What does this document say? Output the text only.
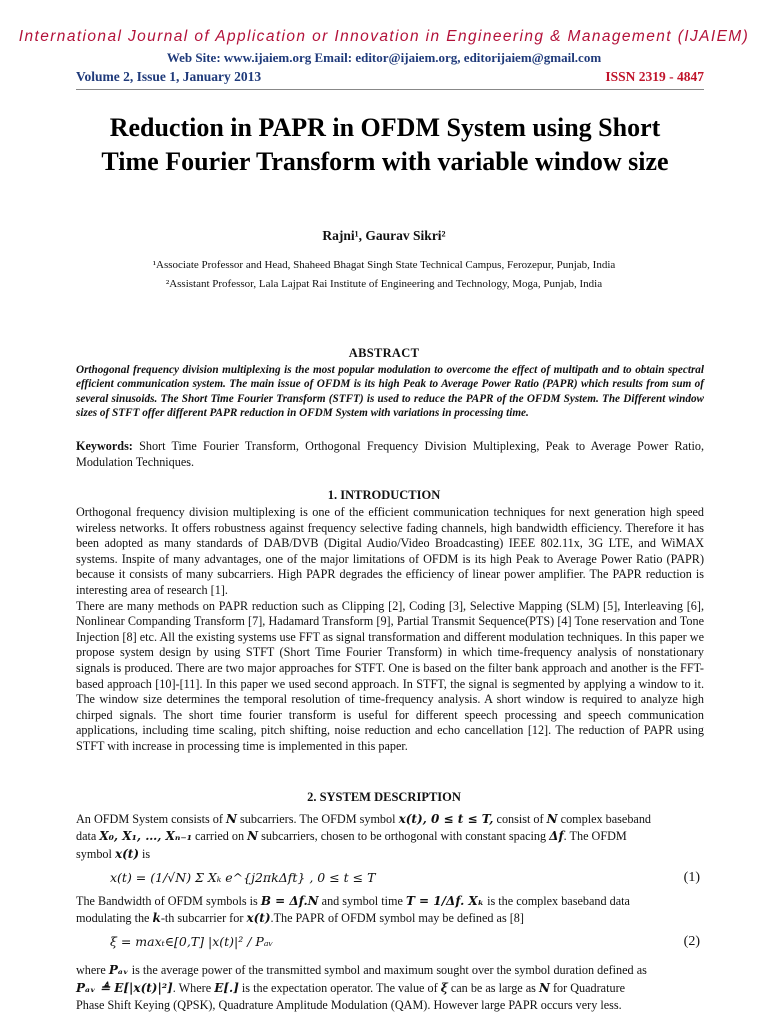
International Journal of Application or Innovation in Engineering & Management (IJAIEM)
Web Site: www.ijaiem.org Email: editor@ijaiem.org, editorijaiem@gmail.com
Volume 2, Issue 1, January 2013	ISSN 2319 - 4847
Reduction in PAPR in OFDM System using Short Time Fourier Transform with variable window size
Rajni¹, Gaurav Sikri²
¹Associate Professor and Head, Shaheed Bhagat Singh State Technical Campus, Ferozepur, Punjab, India
²Assistant Professor, Lala Lajpat Rai Institute of Engineering and Technology, Moga, Punjab, India
ABSTRACT
Orthogonal frequency division multiplexing is the most popular modulation to overcome the effect of multipath and to obtain spectral efficient communication system. The main issue of OFDM is its high Peak to Average Power Ratio (PAPR) which results from sum of several sinusoids. The Short Time Fourier Transform (STFT) is used to reduce the PAPR of the OFDM System. The Different window sizes of STFT offer different PAPR reduction in OFDM System with variations in processing time.
Keywords: Short Time Fourier Transform, Orthogonal Frequency Division Multiplexing, Peak to Average Power Ratio, Modulation Techniques.
1. INTRODUCTION

Orthogonal frequency division multiplexing is one of the efficient communication techniques for next generation high speed wireless networks. It offers robustness against frequency selective fading channels, high bandwidth efficiency. Therefore it has been adopted as many standards of DAB/DVB (Digital Audio/Video Broadcasting) IEEE 802.11x, 3G LTE, and WiMAX systems. Inspite of many advantages, one of the major limitations of OFDM is its high Peak to Average Power Ratio (PAPR) because it consists of many subcarriers. High PAPR degrades the efficiency of linear power amplifier. The PAPR reduction is interesting area of research [1].

There are many methods on PAPR reduction such as Clipping [2], Coding [3], Selective Mapping (SLM) [5], Interleaving [6], Nonlinear Companding Transform [7], Hadamard Transform [9], Partial Transmit Sequence(PTS) [4] Tone reservation and Tone Injection [8] etc. All the existing systems use FFT as signal transformation and different modulation techniques. In this paper we propose system design by using STFT (Short Time Fourier Transform) in which time-frequency analysis of nonstationary signals is produced. There are two major approaches for STFT. One is based on the filter bank approach and another is the FFT-based approach [10]-[11]. In this paper we used second approach. In STFT, the signal is segmented by applying a window to it. The window size determines the temporal resolution of time-frequency analysis. A short window is required to analyze high chirped signals. The short time fourier transform is useful for different speech processing and speech communication applications, including time scaling, pitch shifting, noise reduction and echo cancellation [12]. The reduction of PAPR using STFT with increase in processing time is implemented in this paper.

2. SYSTEM DESCRIPTION
An OFDM System consists of N subcarriers. The OFDM symbol x(t), 0 ≤ t ≤ T, consist of N complex baseband
data X₀, X₁, …, Xₙ₋₁ carried on N subcarriers, chosen to be orthogonal with constant spacing Δf. The OFDM
symbol x(t) is
x(t) = (1/√N) Σ Xₖ e^{j2πkΔft} , 0 ≤ t ≤ T	(1)
The Bandwidth of OFDM symbols is B = Δf.N and symbol time T = 1/Δf. Xₖ is the complex baseband data
modulating the k-th subcarrier for x(t).The PAPR of OFDM symbol may be defined as [8]
ξ = maxₜ∈[0,T] |x(t)|² / Pₐᵥ	(2)
where Pₐᵥ is the average power of the transmitted symbol and maximum sought over the symbol duration defined as
Pₐᵥ ≜ E[|x(t)|²]. Where E[.] is the expectation operator. The value of ξ can be as large as N for Quadrature
Phase Shift Keying (QPSK), Quadrature Amplitude Modulation (QAM). However large PAPR occurs very less.
